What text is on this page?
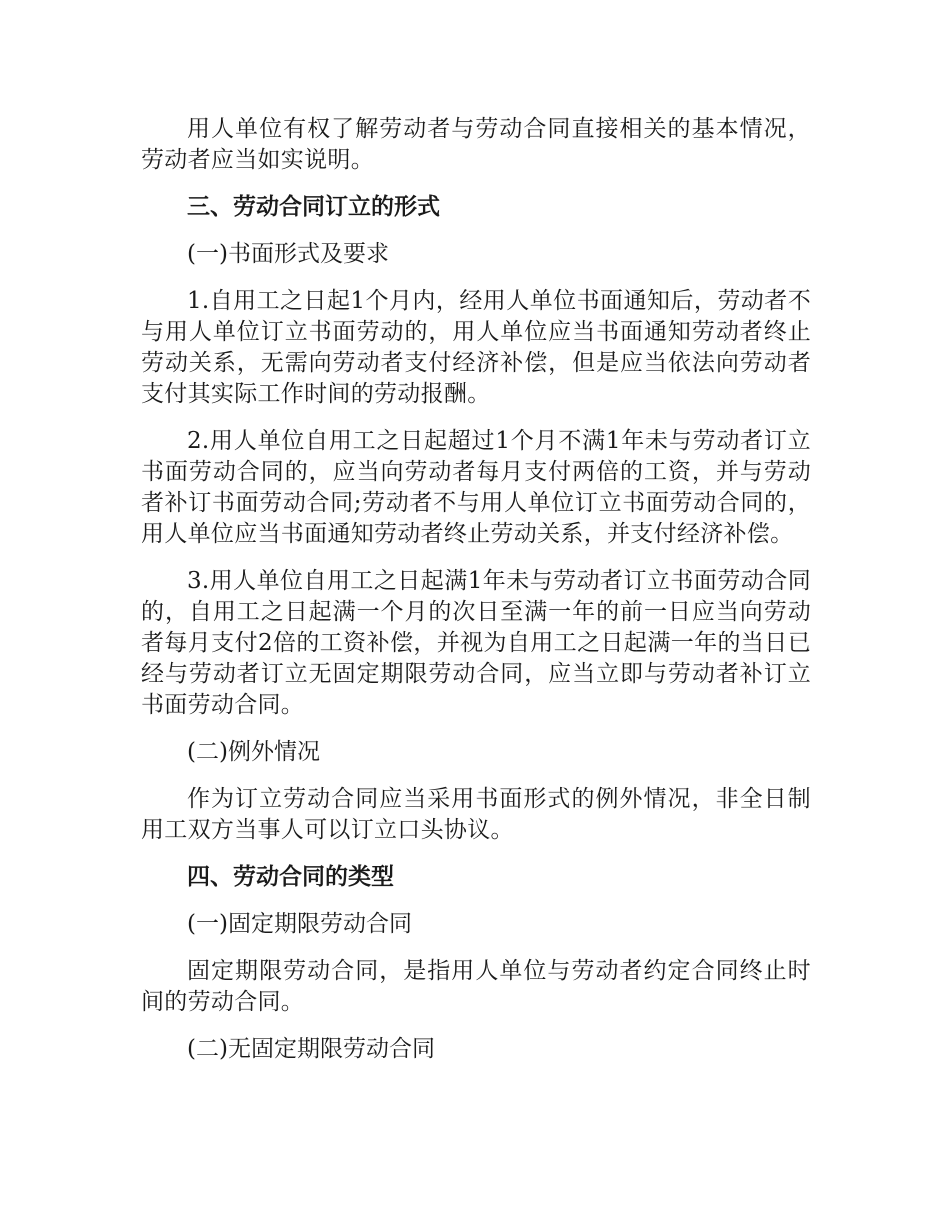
用人单位有权了解劳动者与劳动合同直接相关的基本情况，劳动者应当如实说明。

三、劳动合同订立的形式

(一)书面形式及要求

1.自用工之日起1个月内，经用人单位书面通知后，劳动者不与用人单位订立书面劳动的，用人单位应当书面通知劳动者终止劳动关系，无需向劳动者支付经济补偿，但是应当依法向劳动者支付其实际工作时间的劳动报酬。

2.用人单位自用工之日起超过1个月不满1年未与劳动者订立书面劳动合同的，应当向劳动者每月支付两倍的工资，并与劳动者补订书面劳动合同;劳动者不与用人单位订立书面劳动合同的，用人单位应当书面通知劳动者终止劳动关系，并支付经济补偿。

3.用人单位自用工之日起满1年未与劳动者订立书面劳动合同的，自用工之日起满一个月的次日至满一年的前一日应当向劳动者每月支付2倍的工资补偿，并视为自用工之日起满一年的当日已经与劳动者订立无固定期限劳动合同，应当立即与劳动者补订立书面劳动合同。

(二)例外情况

作为订立劳动合同应当采用书面形式的例外情况，非全日制用工双方当事人可以订立口头协议。

四、劳动合同的类型

(一)固定期限劳动合同

固定期限劳动合同，是指用人单位与劳动者约定合同终止时间的劳动合同。

(二)无固定期限劳动合同
